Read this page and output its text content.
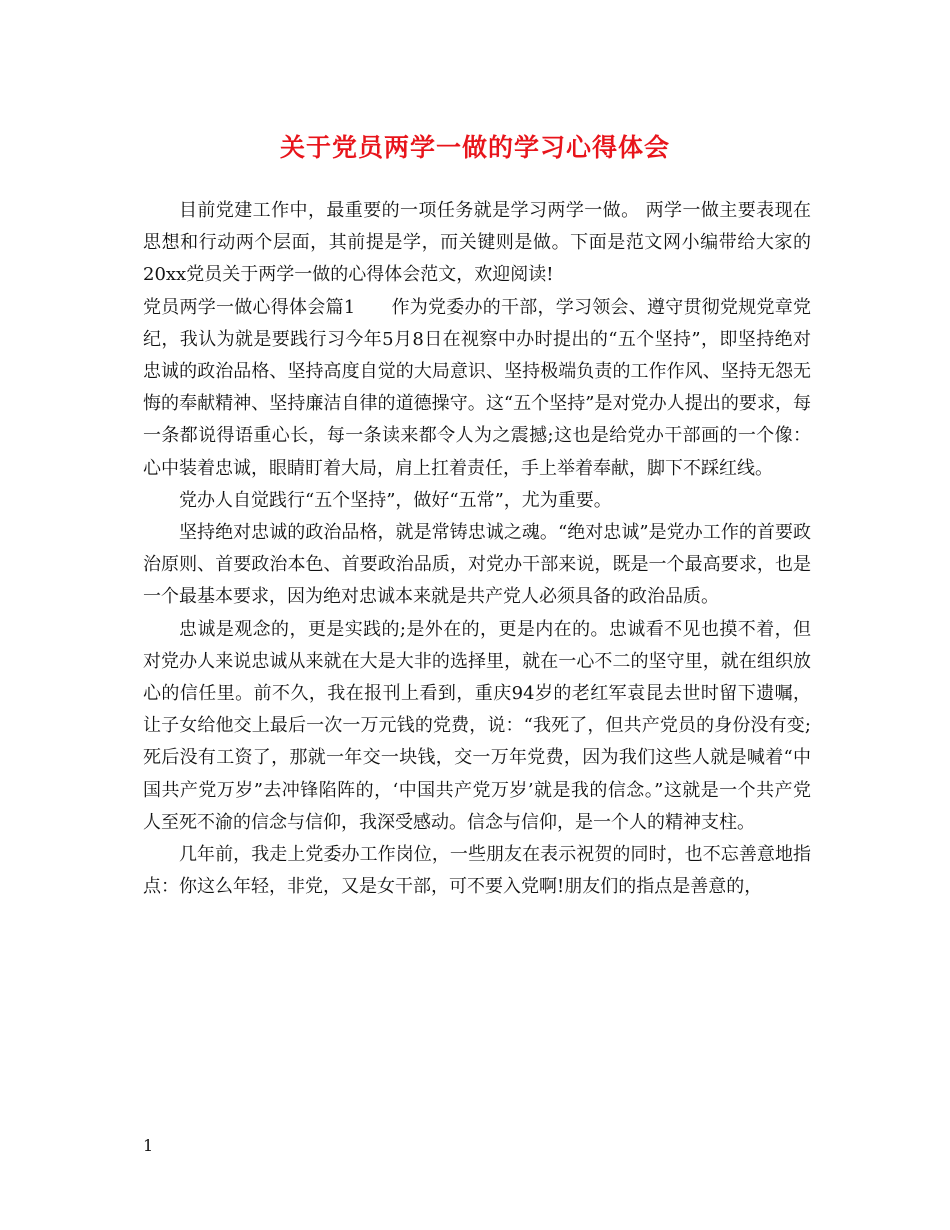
关于党员两学一做的学习心得体会

目前党建工作中，最重要的一项任务就是学习两学一做。 两学一做主要表现在思想和行动两个层面，其前提是学，而关键则是做。下面是范文网小编带给大家的20xx党员关于两学一做的心得体会范文，欢迎阅读!

党员两学一做心得体会篇1 作为党委办的干部，学习领会、遵守贯彻党规党章党纪，我认为就是要践行习今年5月8日在视察中办时提出的“五个坚持”，即坚持绝对忠诚的政治品格、坚持高度自觉的大局意识、坚持极端负责的工作作风、坚持无怨无悔的奉献精神、坚持廉洁自律的道德操守。这“五个坚持”是对党办人提出的要求，每一条都说得语重心长，每一条读来都令人为之震撼;这也是给党办干部画的一个像：心中装着忠诚，眼睛盯着大局，肩上扛着责任，手上举着奉献，脚下不踩红线。

党办人自觉践行“五个坚持”，做好“五常”，尤为重要。

坚持绝对忠诚的政治品格，就是常铸忠诚之魂。“绝对忠诚”是党办工作的首要政治原则、首要政治本色、首要政治品质，对党办干部来说，既是一个最高要求，也是一个最基本要求，因为绝对忠诚本来就是共产党人必须具备的政治品质。

忠诚是观念的，更是实践的;是外在的，更是内在的。忠诚看不见也摸不着，但对党办人来说忠诚从来就在大是大非的选择里，就在一心不二的坚守里，就在组织放心的信任里。前不久，我在报刊上看到，重庆94岁的老红军袁昆去世时留下遗嘱，让子女给他交上最后一次一万元钱的党费，说：“我死了，但共产党员的身份没有变;死后没有工资了，那就一年交一块钱，交一万年党费，因为我们这些人就是喊着“中国共产党万岁”去冲锋陷阵的，‘中国共产党万岁’就是我的信念。”这就是一个共产党人至死不渝的信念与信仰，我深受感动。信念与信仰，是一个人的精神支柱。

几年前，我走上党委办工作岗位，一些朋友在表示祝贺的同时，也不忘善意地指点：你这么年轻，非党，又是女干部，可不要入党啊!朋友们的指点是善意的，

1
